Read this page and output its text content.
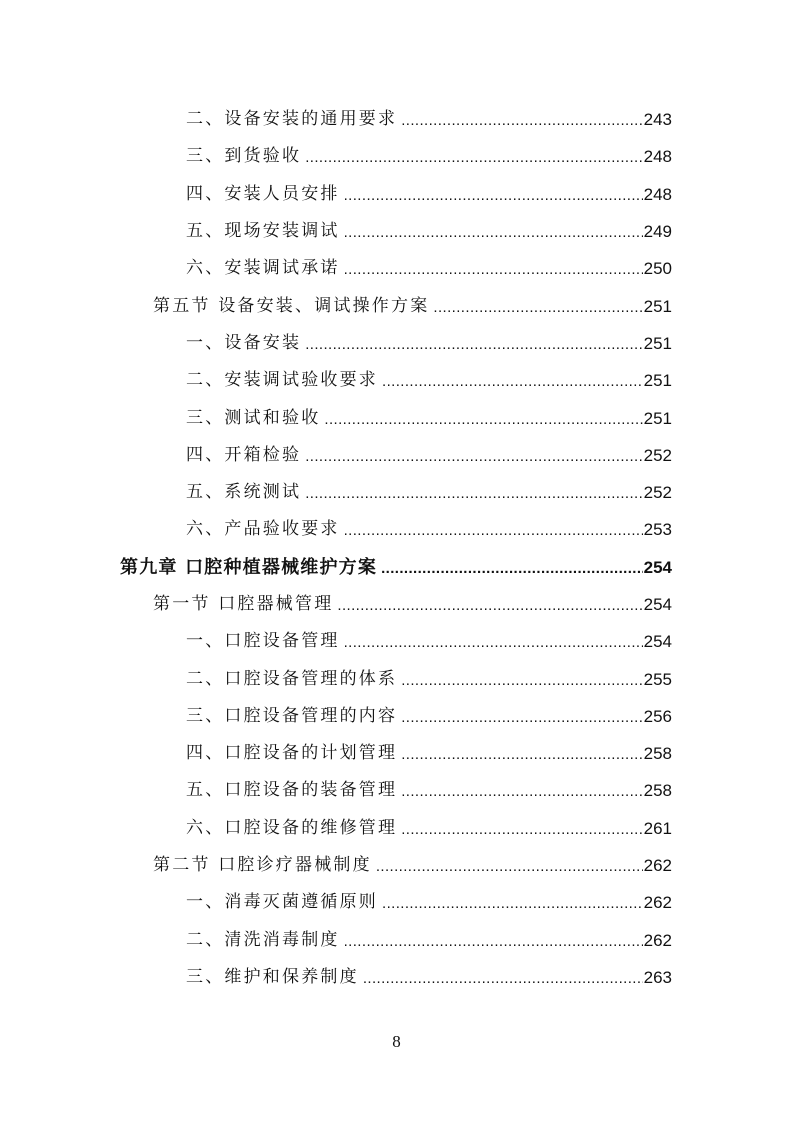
二、设备安装的通用要求 .....	243
三、到货验收 .....	248
四、安装人员安排 .....	248
五、现场安装调试 .....	249
六、安装调试承诺 .....	250
第五节 设备安装、调试操作方案 .....	251
一、设备安装 .....	251
二、安装调试验收要求 .....	251
三、测试和验收 .....	251
四、开箱检验 .....	252
五、系统测试 .....	252
六、产品验收要求 .....	253
第九章 口腔种植器械维护方案 .....	254
第一节 口腔器械管理 .....	254
一、口腔设备管理 .....	254
二、口腔设备管理的体系 .....	255
三、口腔设备管理的内容 .....	256
四、口腔设备的计划管理 .....	258
五、口腔设备的装备管理 .....	258
六、口腔设备的维修管理 .....	261
第二节 口腔诊疗器械制度 .....	262
一、消毒灭菌遵循原则 .....	262
二、清洗消毒制度 .....	262
三、维护和保养制度 .....	263
8
